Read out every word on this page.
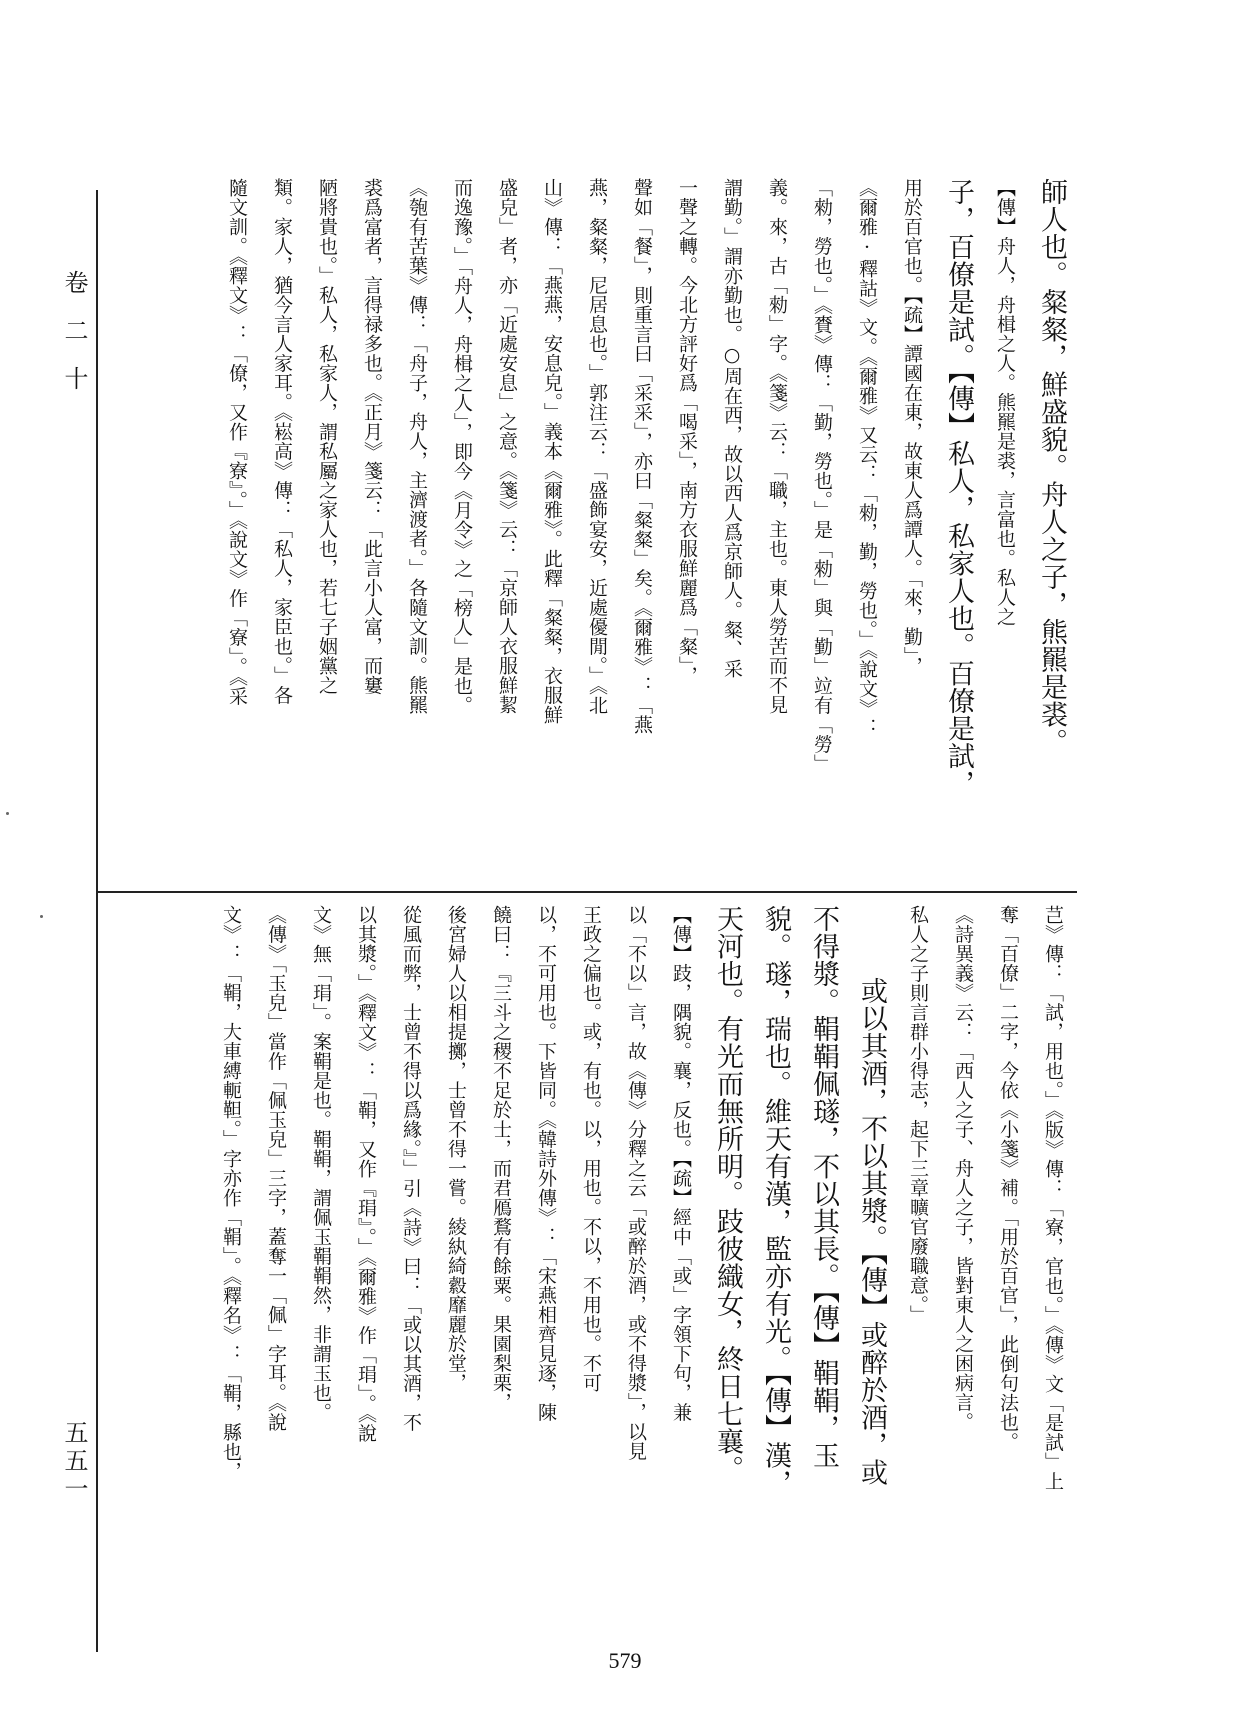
卷二十
五五一
師人也。粲粲，鮮盛貌。舟人之子，熊羆是裘。
【傳】舟人，舟楫之人。熊羆是裘，言富也。私人之
子，百僚是試。【傳】私人，私家人也。百僚是試，
用於百官也。【疏】譚國在東，故東人爲譚人。「來，勤」，
《爾雅·釋詁》文。《爾雅》又云：「勑，勤，勞也。」《說文》：
「勑，勞也。」《賚》傳：「勤，勞也。」是「勑」與「勤」竝有「勞」
義。來，古「勑」字。《箋》云：「職，主也。東人勞苦而不見
謂勤。」謂亦勤也。○周在西，故以西人爲京師人。粲、采
一聲之轉。今北方評好爲「喝采」，南方衣服鮮麗爲「粲」，
聲如「餐」，則重言曰「采采」，亦曰「粲粲」矣。《爾雅》：「燕
燕，粲粲，尼居息也。」郭注云：「盛飾宴安，近處優閒。」《北
山》傳：「燕燕，安息皃。」義本《爾雅》。此釋「粲粲，衣服鮮
盛皃」者，亦「近處安息」之意。《箋》云：「京師人衣服鮮絜
而逸豫。」「舟人，舟楫之人」，即今《月令》之「榜人」是也。
《匏有苦葉》傳：「舟子，舟人，主濟渡者。」各隨文訓。熊羆
裘爲富者，言得禄多也。《正月》箋云：「此言小人富，而窶
陋將貴也。」私人，私家人，謂私屬之家人也，若七子姻黨之
類。家人，猶今言人家耳。《崧高》傳：「私人，家臣也。」各
隨文訓。《釋文》：「僚，又作『寮』。」《說文》作「寮」。《采
芑》傳：「試，用也。」《版》傳：「寮，官也。」《傳》文「是試」上
奪「百僚」二字，今依《小箋》補。「用於百官」，此倒句法也。
《詩異義》云：「西人之子、舟人之子，皆對東人之困病言。
私人之子則言群小得志，起下三章曠官廢職意。」
或以其酒，不以其漿。【傳】或醉於酒，或
不得漿。鞙鞙佩璲，不以其長。【傳】鞙鞙，玉
貌。璲，瑞也。維天有漢，監亦有光。【傳】漢，
天河也。有光而無所明。跂彼織女，終日七襄。
【傳】跂，隅貌。襄，反也。【疏】經中「或」字領下句，兼
以「不以」言，故《傳》分釋之云「或醉於酒，或不得漿」，以見
王政之偏也。或，有也。以，用也。不以，不用也。不可
以，不可用也。下皆同。《韓詩外傳》：「宋燕相齊見逐，陳
饒曰：『三斗之稷不足於士，而君鴈鶩有餘粟。果園梨栗，
後宮婦人以相提擲，士曾不得一嘗。綾紈綺縠靡麗於堂，
從風而弊，士曾不得以爲緣。』」引《詩》曰：「或以其酒，不
以其漿。」《釋文》：「鞙，又作『琄』。」《爾雅》作「琄」。《說
文》無「琄」。案鞙是也。鞙鞙，謂佩玉鞙鞙然，非謂玉也。
《傳》「玉皃」當作「佩玉皃」三字，蓋奪一「佩」字耳。《說
文》：「鞙，大車縛軛靼。」字亦作「鞙」。《釋名》：「鞙，縣也，
579
